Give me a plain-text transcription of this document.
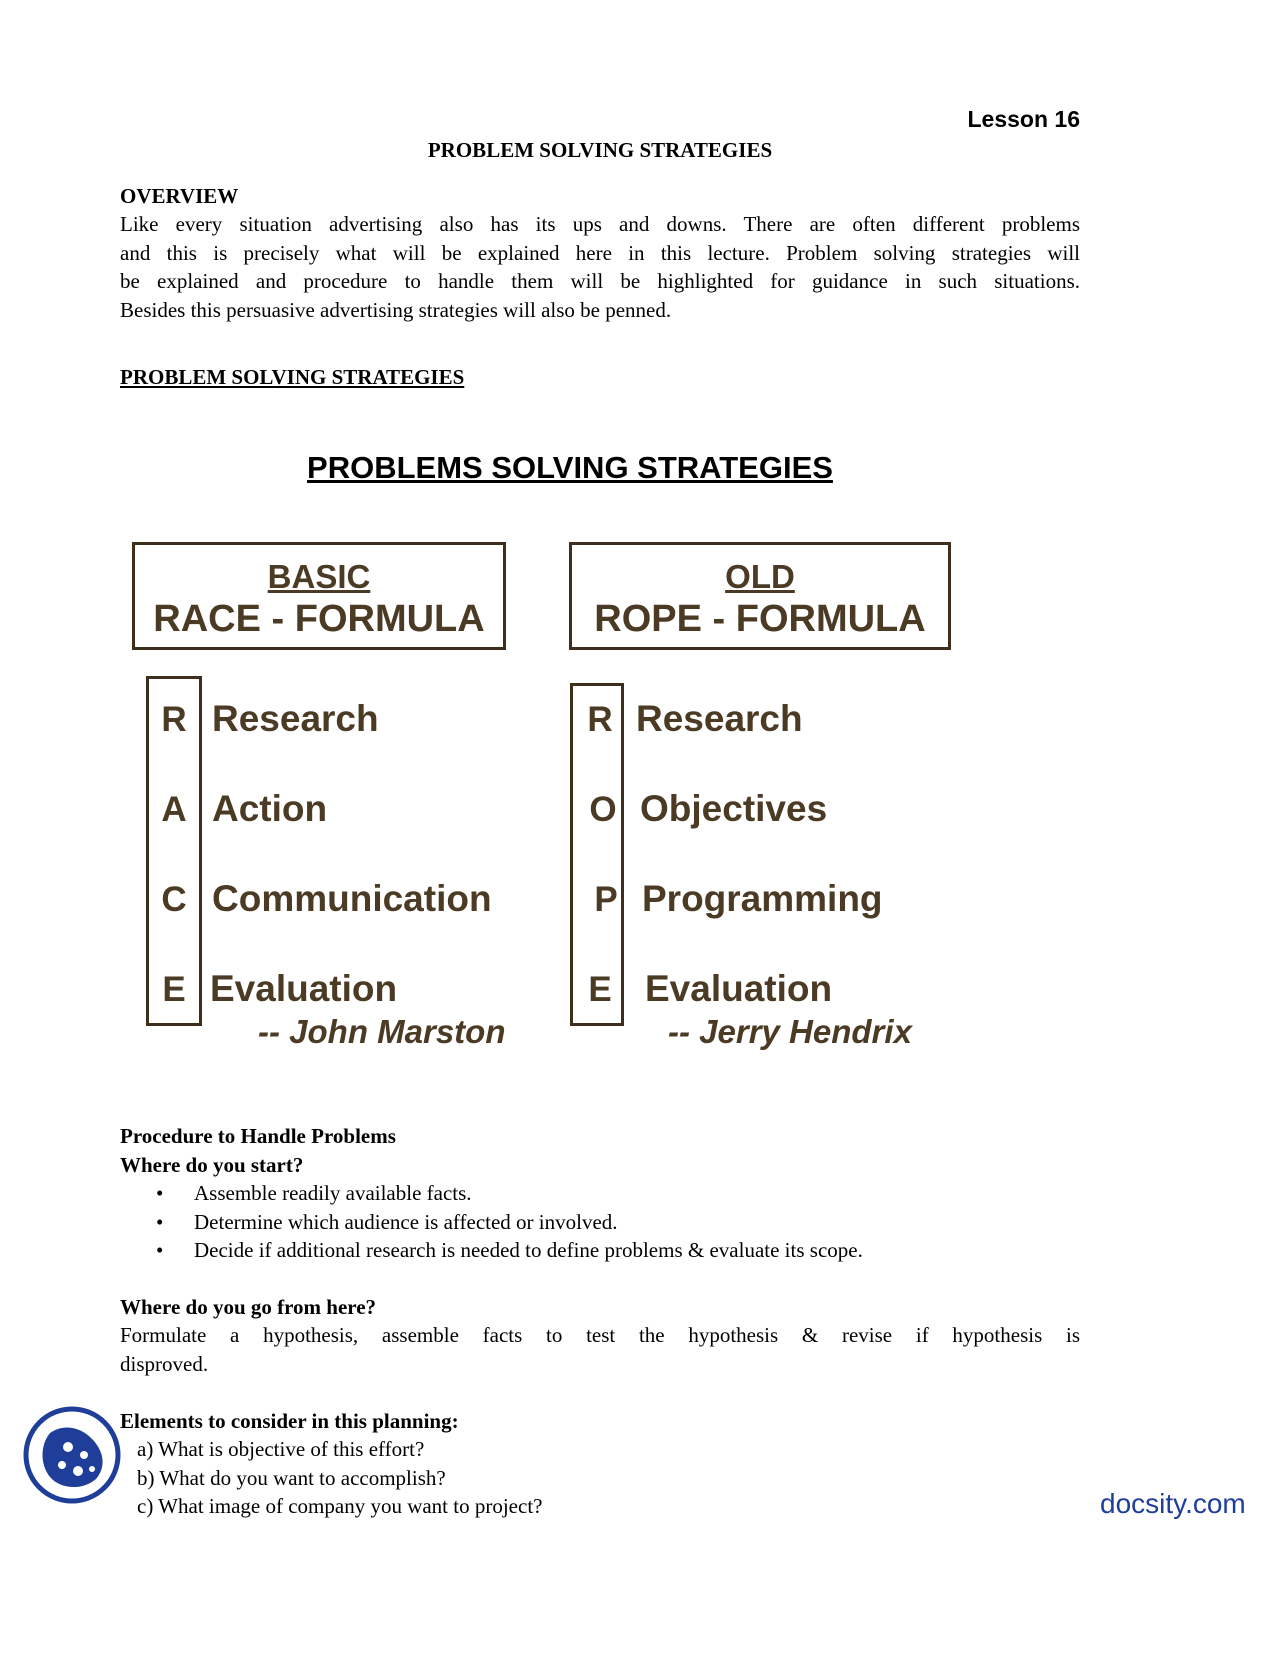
Lesson 16
PROBLEM SOLVING STRATEGIES
OVERVIEW

Like every situation advertising also has its ups and downs. There are often different problems

and this is precisely what will be explained here in this lecture. Problem solving strategies will

be explained and procedure to handle them will be highlighted for guidance in such situations.

Besides this persuasive advertising strategies will also be penned.

PROBLEM SOLVING STRATEGIES
PROBLEMS SOLVING STRATEGIES
BASIC
RACE - FORMULA
OLD
ROPE - FORMULA
R
A
C
E
Research
Action
Communication
Evaluation
-- John Marston
R
O
P
E
Research
Objectives
Programming
Evaluation
-- Jerry Hendrix
Procedure to Handle Problems
Where do you start?
• Assemble readily available facts.
• Determine which audience is affected or involved.
• Decide if additional research is needed to define problems & evaluate its scope.
Where do you go from here?

Formulate a hypothesis, assemble facts to test the hypothesis & revise if hypothesis is

disproved.

Elements to consider in this planning:
a) What is objective of this effort?
b) What do you want to accomplish?
c) What image of company you want to project?	docsity.com
